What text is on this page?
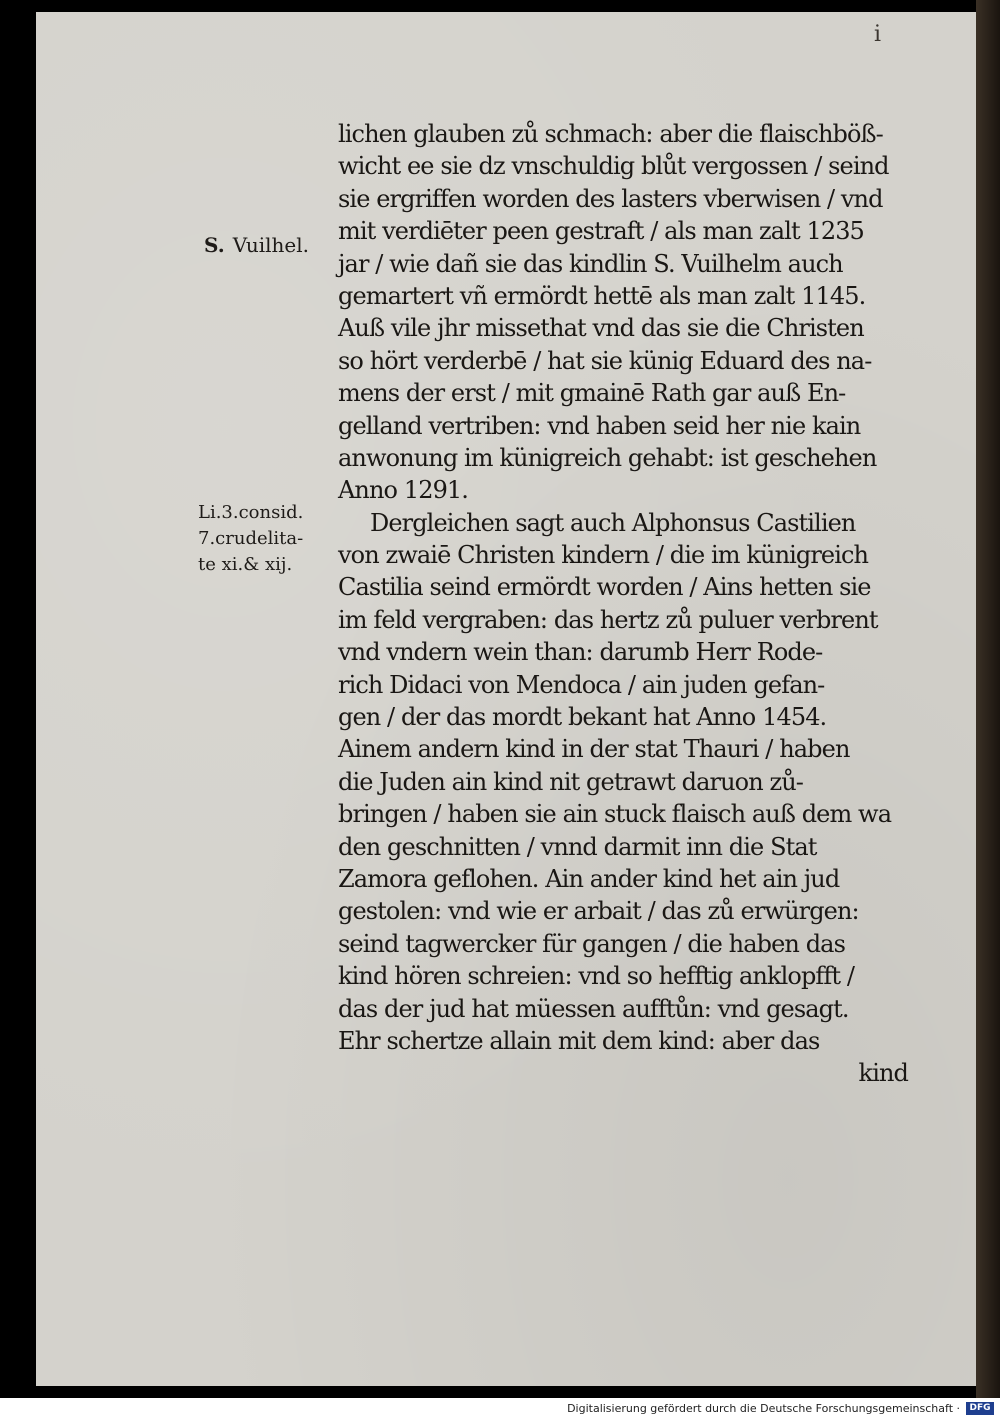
i
S. Vuilhel.
Li.3.consid.
7.crudelita‑
te xi.& xij.
lichen glauben zů schmach: aber die flaischböß‑
wicht ee sie dz vnschuldig blůt vergossen / seind
sie ergriffen worden des lasters vberwisen / vnd
mit verdiēter peen gestraft / als man zalt 1235
jar / wie dañ sie das kindlin S. Vuilhelm auch
gemartert vñ ermördt hettē als man zalt 1145.
Auß vile jhr missethat vnd das sie die Christen
so hört verderbē / hat sie künig Eduard des na‑
mens der erst / mit gmainē Rath gar auß En‑
gelland vertriben: vnd haben seid her nie kain
anwonung im künigreich gehabt: ist geschehen
Anno 1291.
Dergleichen sagt auch Alphonsus Castilien
von zwaiē Christen kindern / die im künigreich
Castilia seind ermördt worden / Ains hetten sie
im feld vergraben: das hertz zů puluer verbrent
vnd vndern wein than: darumb Herr Rode‑
rich Didaci von Mendoca / ain juden gefan‑
gen / der das mordt bekant hat Anno 1454.
Ainem andern kind in der stat Thauri / haben
die Juden ain kind nit getrawt daruon zů‑
bringen / haben sie ain stuck flaisch auß dem wa
den geschnitten / vnnd darmit inn die Stat
Zamora geflohen. Ain ander kind het ain jud
gestolen: vnd wie er arbait / das zů erwürgen:
seind tagwercker für gangen / die haben das
kind hören schreien: vnd so hefftig anklopfft /
das der jud hat müessen aufftůn: vnd gesagt.
Ehr schertze allain mit dem kind: aber das
kind
Digitalisierung gefördert durch die Deutsche Forschungsgemeinschaft ·	DFG
